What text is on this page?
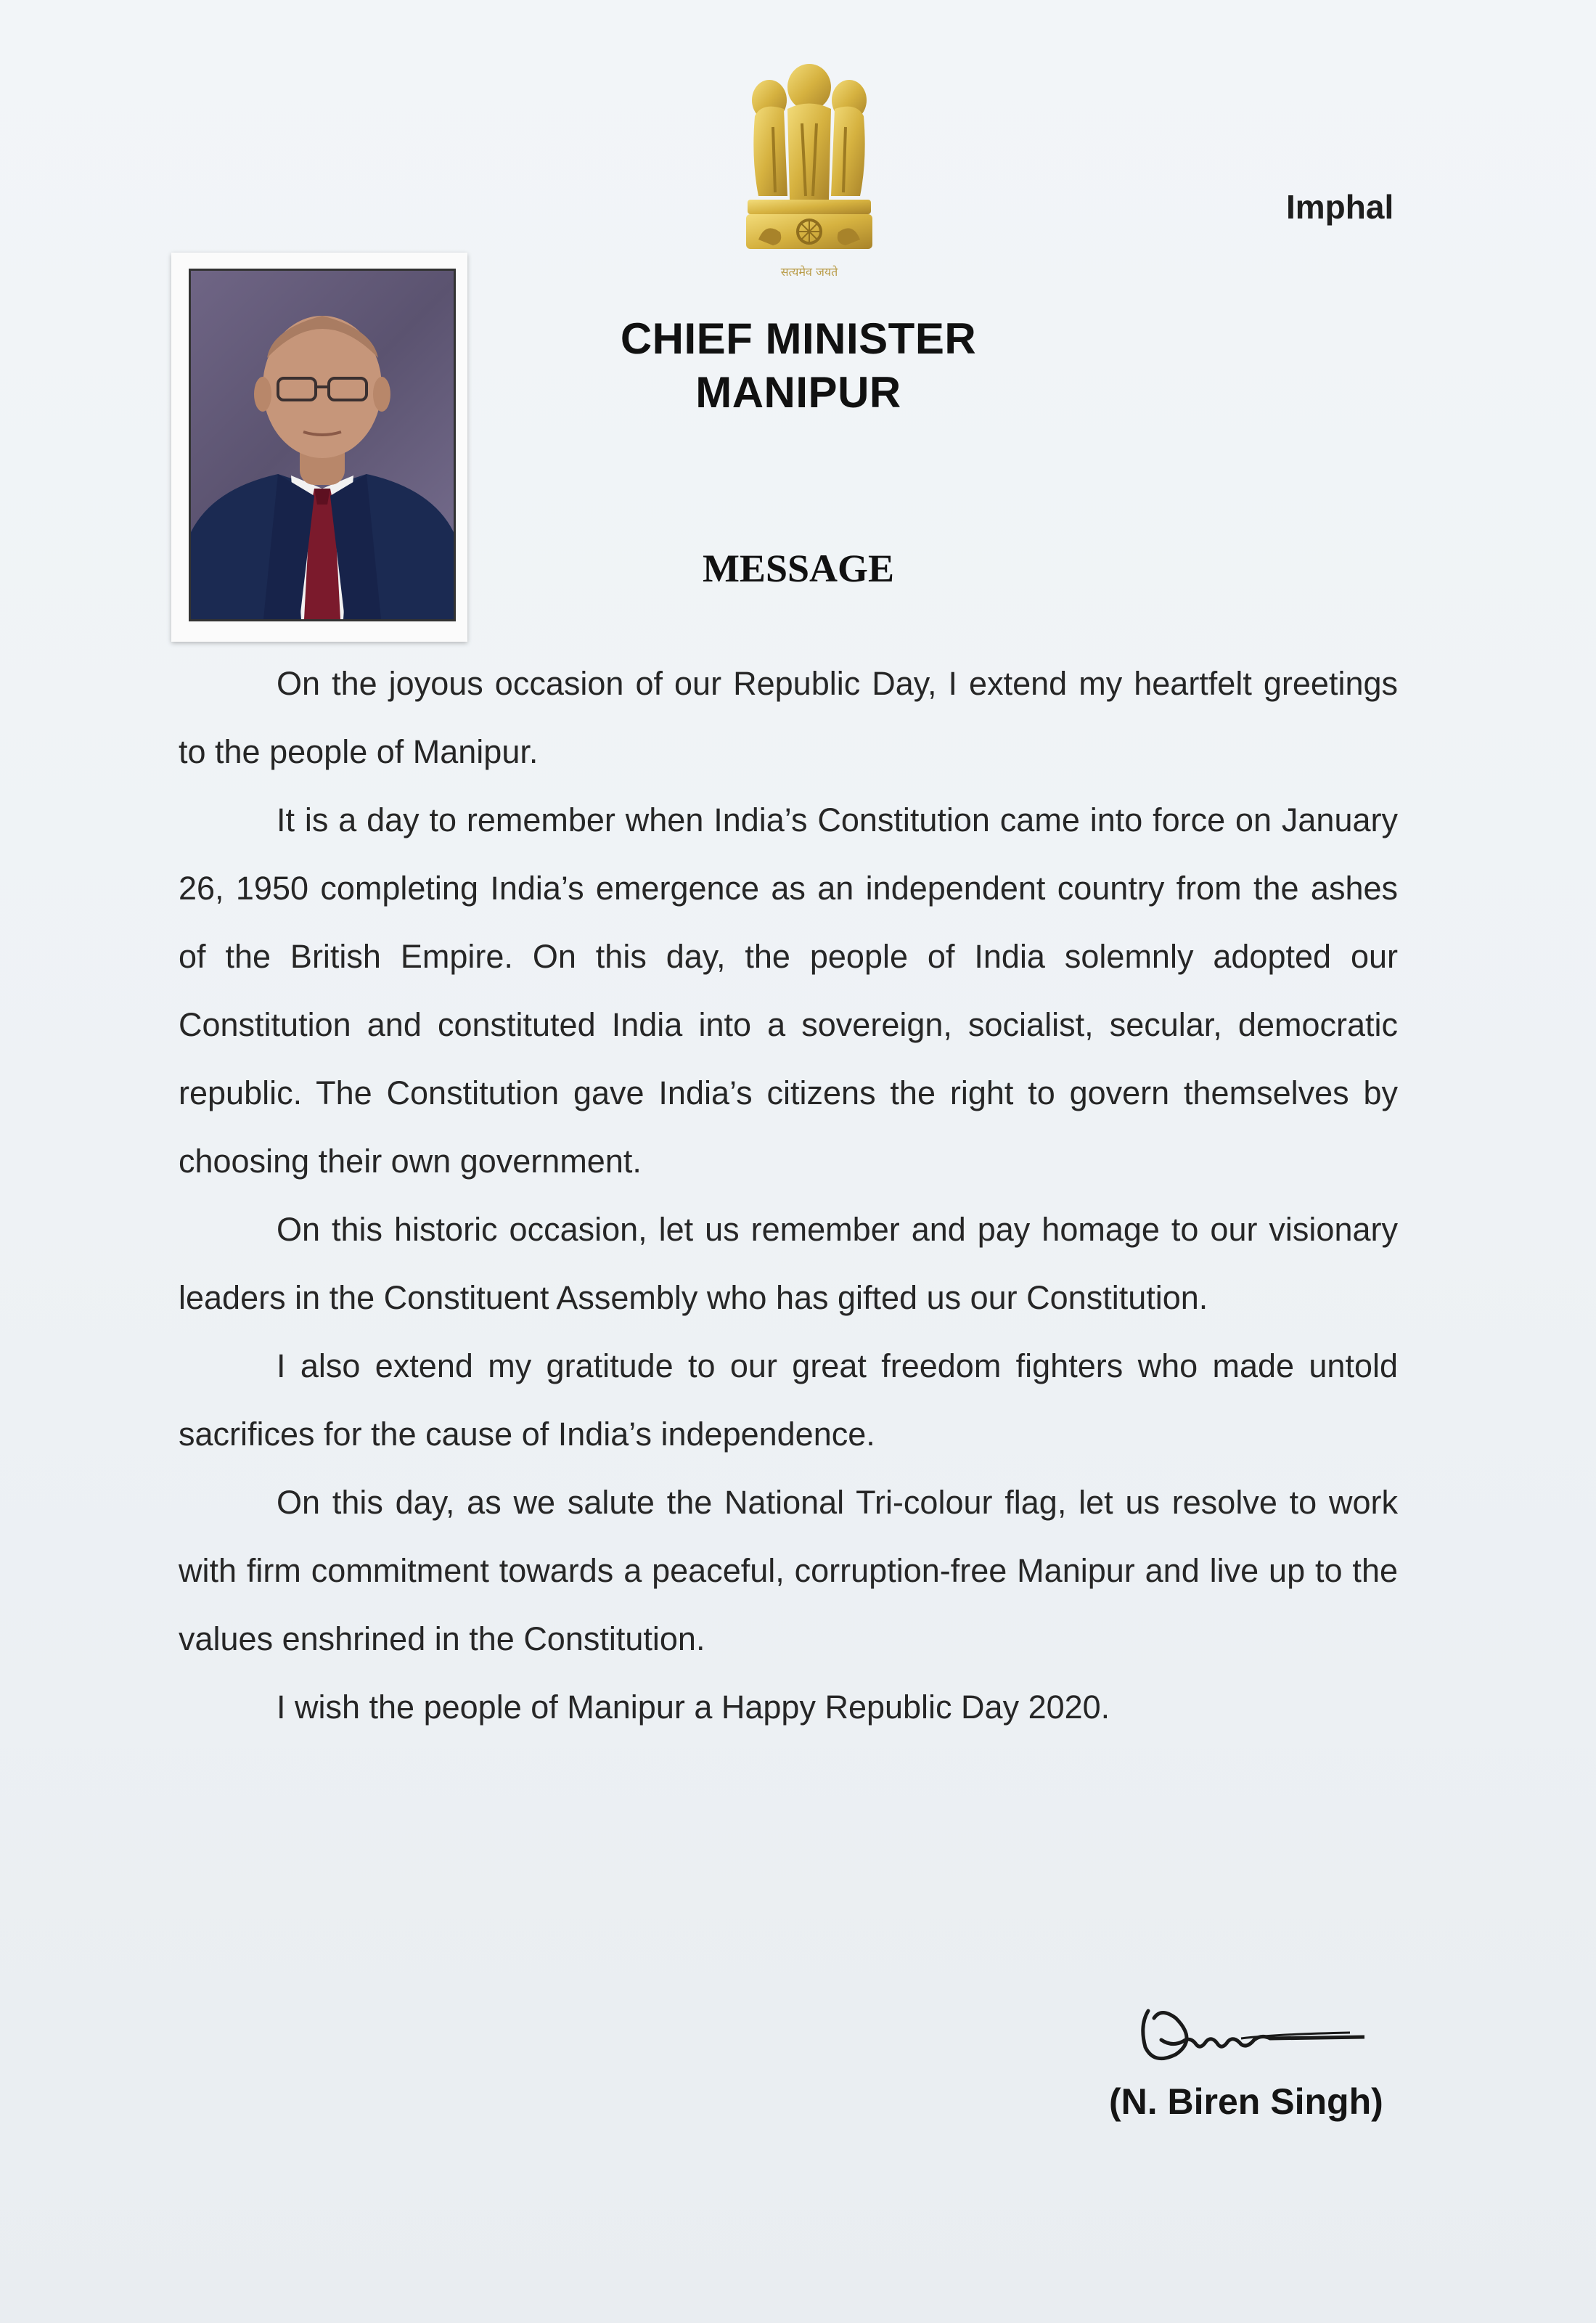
सत्यमेव जयते
Imphal
CHIEF MINISTER
MANIPUR
MESSAGE

On the joyous occasion of our Republic Day, I extend my heartfelt greetings to the people of Manipur.

It is a day to remember when India’s Constitution came into force on January 26, 1950 completing India’s emergence as an independent country from the ashes of the British Empire. On this day, the people of India solemnly adopted our Constitution and constituted India into a sovereign, socialist, secular, democratic republic. The Constitution gave India’s citizens the right to govern themselves by choosing their own government.

On this historic occasion, let us remember and pay homage to our visionary leaders in the Constituent Assembly who has gifted us our Constitution.

I also extend my gratitude to our great freedom fighters who made untold sacrifices for the cause of India’s independence.

On this day, as we salute the National Tri-colour flag, let us resolve to work with firm commitment towards a peaceful, corruption-free Manipur and live up to the values enshrined in the Constitution.

I wish the people of Manipur a Happy Republic Day 2020.

(N. Biren Singh)
